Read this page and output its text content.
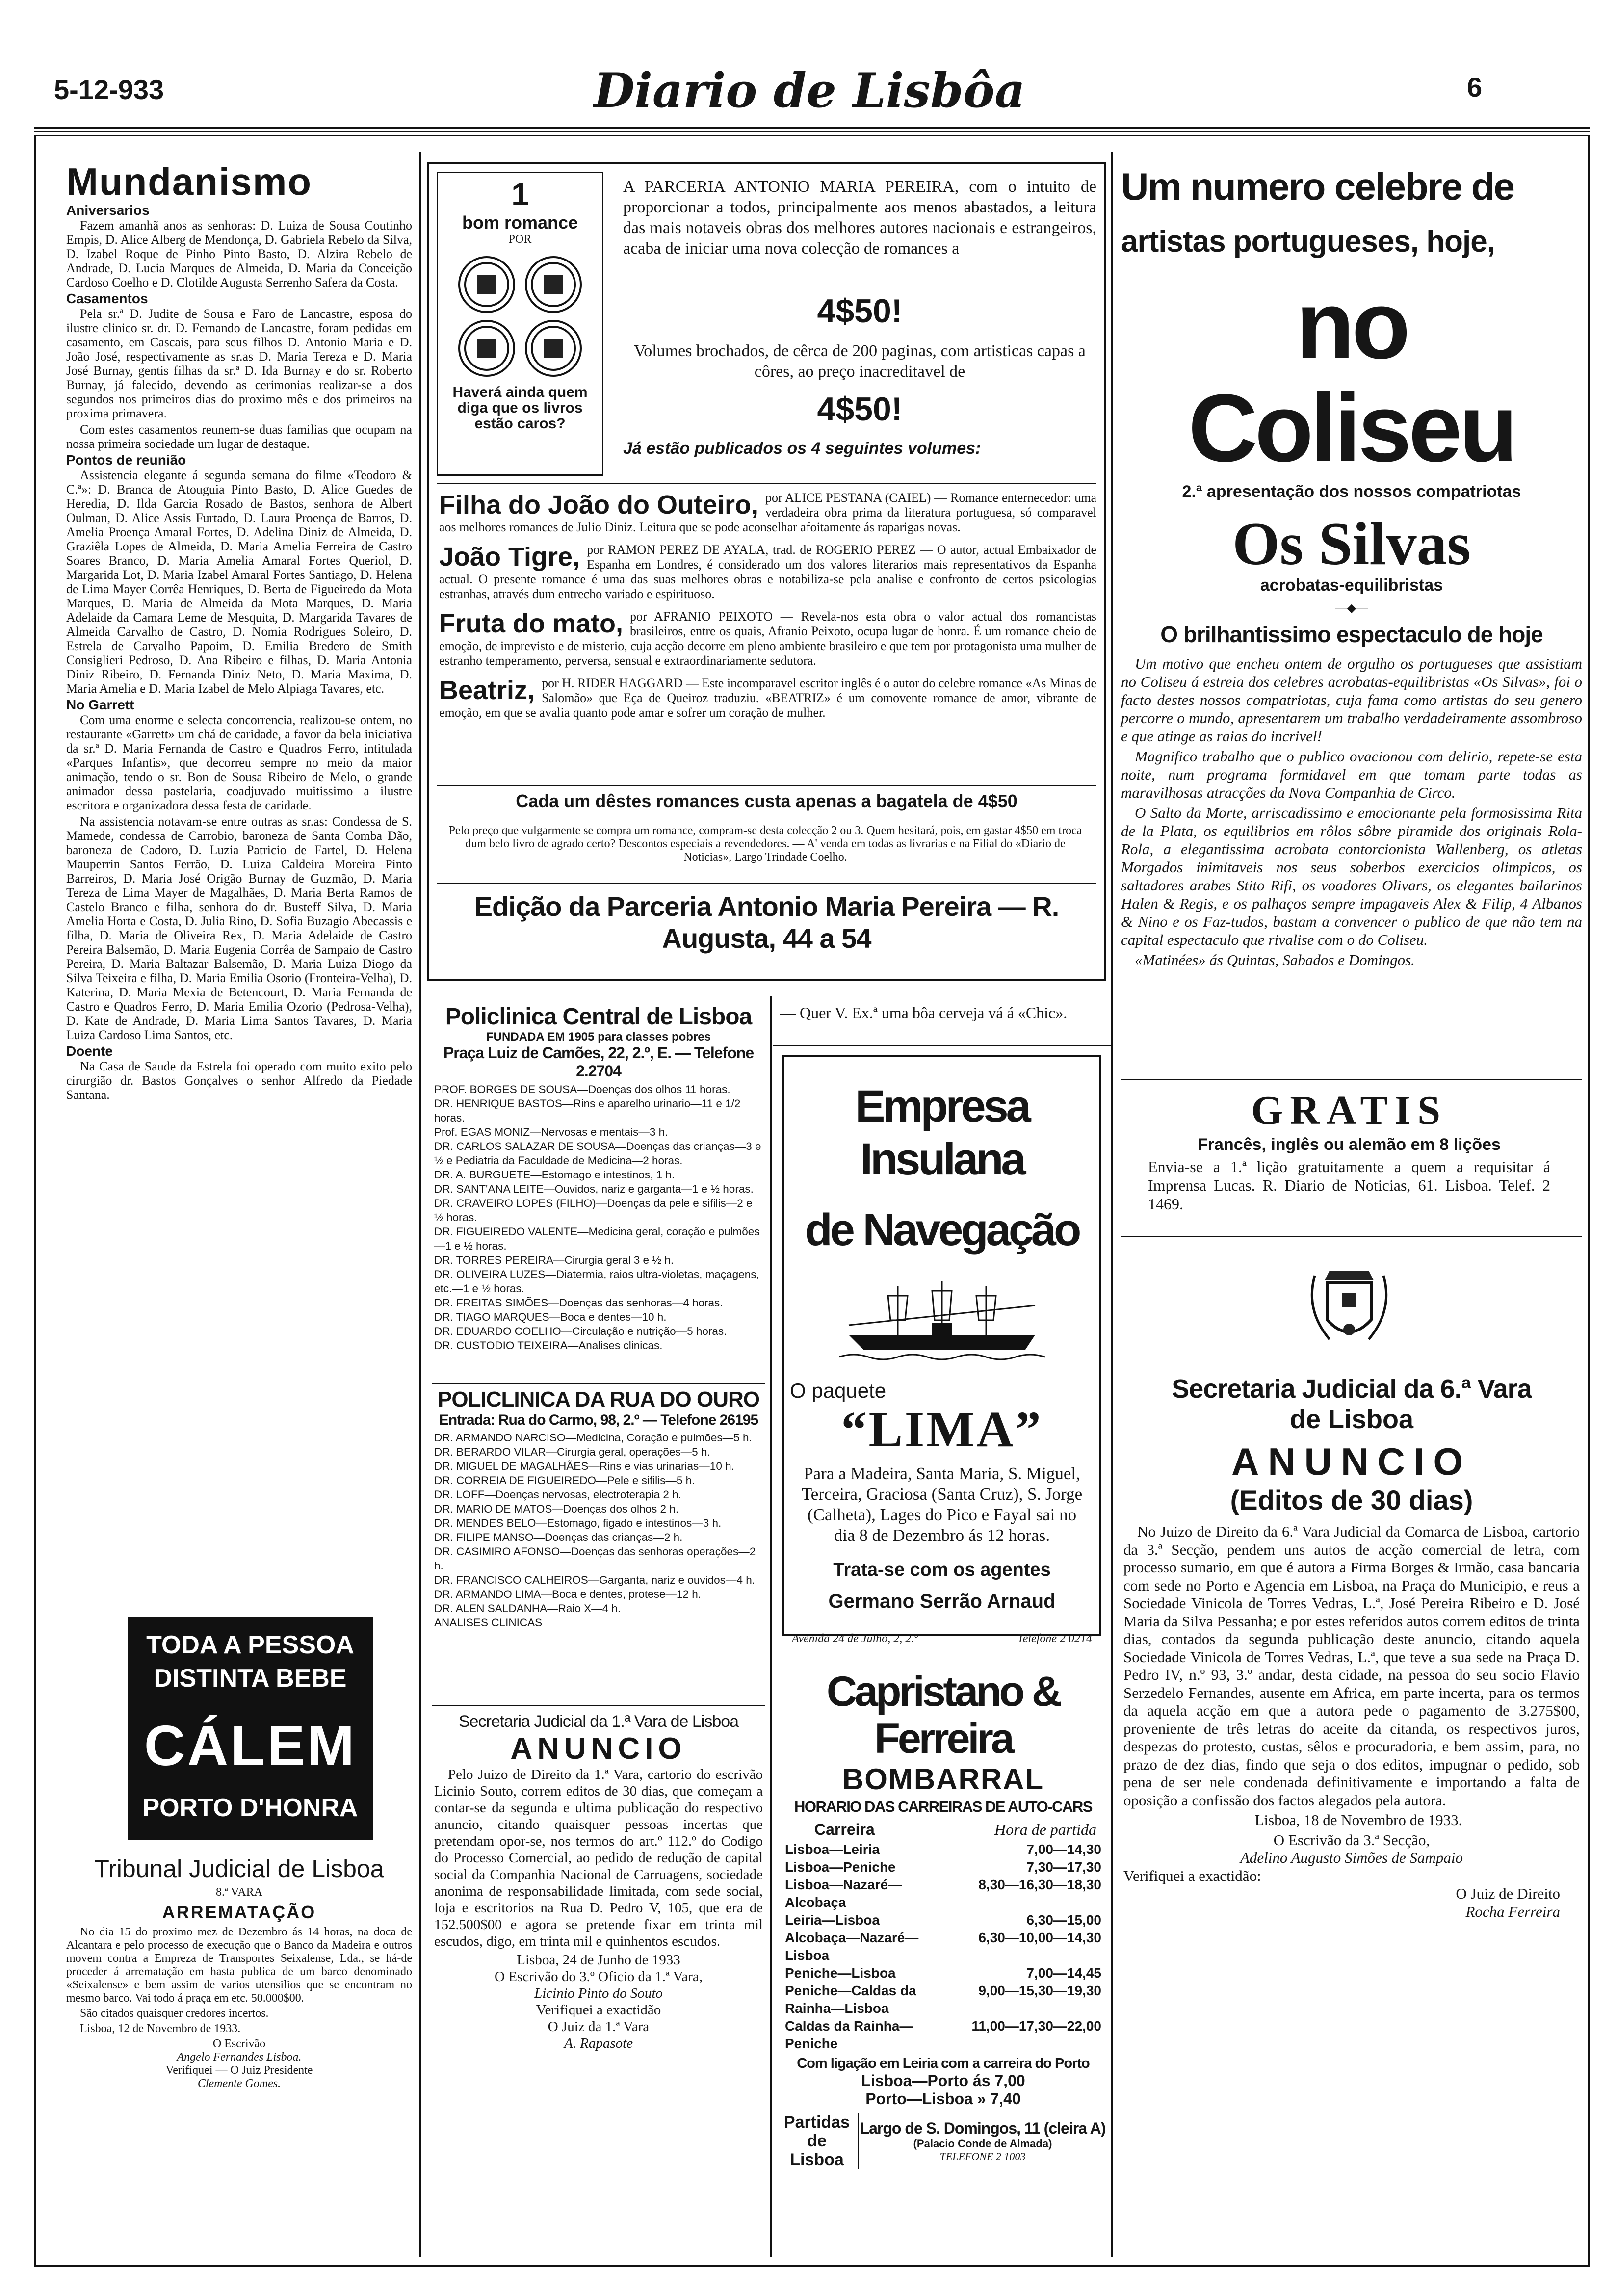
5-12-933	Diario de Lisbôa	6
Mundanismo
Aniversarios

Fazem amanhã anos as senhoras: D. Luiza de Sousa Coutinho Empis, D. Alice Alberg de Mendonça, D. Gabriela Rebelo da Silva, D. Izabel Roque de Pinho Pinto Basto, D. Alzira Rebelo de Andrade, D. Lucia Marques de Almeida, D. Maria da Conceição Cardoso Coelho e D. Clotilde Augusta Serrenho Safera da Costa.

Casamentos

Pela sr.ª D. Judite de Sousa e Faro de Lancastre, esposa do ilustre clinico sr. dr. D. Fernando de Lancastre, foram pedidas em casamento, em Cascais, para seus filhos D. Antonio Maria e D. João José, respectivamente as sr.as D. Maria Tereza e D. Maria José Burnay, gentis filhas da sr.ª D. Ida Burnay e do sr. Roberto Burnay, já falecido, devendo as cerimonias realizar-se a dos segundos nos primeiros dias do proximo mês e dos primeiros na proxima primavera.

Com estes casamentos reunem-se duas familias que ocupam na nossa primeira sociedade um lugar de destaque.

Pontos de reunião

Assistencia elegante á segunda semana do filme «Teodoro & C.ª»: D. Branca de Atouguia Pinto Basto, D. Alice Guedes de Heredia, D. Ilda Garcia Rosado de Bastos, senhora de Albert Oulman, D. Alice Assis Furtado, D. Laura Proença de Barros, D. Amelia Proença Amaral Fortes, D. Adelina Diniz de Almeida, D. Graziêla Lopes de Almeida, D. Maria Amelia Ferreira de Castro Soares Branco, D. Maria Amelia Amaral Fortes Queriol, D. Margarida Lot, D. Maria Izabel Amaral Fortes Santiago, D. Helena de Lima Mayer Corrêa Henriques, D. Berta de Figueiredo da Mota Marques, D. Maria de Almeida da Mota Marques, D. Maria Adelaide da Camara Leme de Mesquita, D. Margarida Tavares de Almeida Carvalho de Castro, D. Nomia Rodrigues Soleiro, D. Estrela de Carvalho Papoim, D. Emilia Bredero de Smith Consiglieri Pedroso, D. Ana Ribeiro e filhas, D. Maria Antonia Diniz Ribeiro, D. Fernanda Diniz Neto, D. Maria Maxima, D. Maria Amelia e D. Maria Izabel de Melo Alpiaga Tavares, etc.

No Garrett

Com uma enorme e selecta concorrencia, realizou-se ontem, no restaurante «Garrett» um chá de caridade, a favor da bela iniciativa da sr.ª D. Maria Fernanda de Castro e Quadros Ferro, intitulada «Parques Infantis», que decorreu sempre no meio da maior animação, tendo o sr. Bon de Sousa Ribeiro de Melo, o grande animador dessa pastelaria, coadjuvado muitissimo a ilustre escritora e organizadora dessa festa de caridade.

Na assistencia notavam-se entre outras as sr.as: Condessa de S. Mamede, condessa de Carrobio, baroneza de Santa Comba Dão, baroneza de Cadoro, D. Luzia Patricio de Fartel, D. Helena Mauperrin Santos Ferrão, D. Luiza Caldeira Moreira Pinto Barreiros, D. Maria José Origão Burnay de Guzmão, D. Maria Tereza de Lima Mayer de Magalhães, D. Maria Berta Ramos de Castelo Branco e filha, senhora do dr. Busteff Silva, D. Maria Amelia Horta e Costa, D. Julia Rino, D. Sofia Buzagio Abecassis e filha, D. Maria de Oliveira Rex, D. Maria Adelaide de Castro Pereira Balsemão, D. Maria Eugenia Corrêa de Sampaio de Castro Pereira, D. Maria Baltazar Balsemão, D. Maria Luiza Diogo da Silva Teixeira e filha, D. Maria Emilia Osorio (Fronteira-Velha), D. Katerina, D. Maria Mexia de Betencourt, D. Maria Fernanda de Castro e Quadros Ferro, D. Maria Emilia Ozorio (Pedrosa-Velha), D. Kate de Andrade, D. Maria Lima Santos Tavares, D. Maria Luiza Cardoso Lima Santos, etc.

Doente

Na Casa de Saude da Estrela foi operado com muito exito pelo cirurgião dr. Bastos Gonçalves o senhor Alfredo da Piedade Santana.

TODA A PESSOA
DISTINTA BEBE
CÁLEM
PORTO D'HONRA
Tribunal Judicial de Lisboa
8.ª VARA
ARREMATAÇÃO

No dia 15 do proximo mez de Dezembro ás 14 horas, na doca de Alcantara e pelo processo de execução que o Banco da Madeira e outros movem contra a Empreza de Transportes Seixalense, Lda., se há-de proceder á arrematação em hasta publica de um barco denominado «Seixalense» e bem assim de varios utensilios que se encontram no mesmo barco. Vai todo á praça em etc. 50.000$00.

São citados quaisquer credores incertos.

Lisboa, 12 de Novembro de 1933.

O Escrivão
Angelo Fernandes Lisboa.
Verifiquei — O Juiz Presidente
Clemente Gomes.
1
bom romance
POR
Haverá ainda quem diga que os livros estão caros?
A PARCERIA ANTONIO MARIA PEREIRA, com o intuito de proporcionar a todos, principalmente aos menos abastados, a leitura das mais notaveis obras dos melhores autores nacionais e estrangeiros, acaba de iniciar uma nova colecção de romances a
4$50!
Volumes brochados, de cêrca de 200 paginas, com artisticas capas a côres, ao preço inacreditavel de
4$50!
Já estão publicados os 4 seguintes volumes:
Filha do João do Outeiro, por ALICE PESTANA (CAIEL) — Romance enternecedor: uma verdadeira obra prima da literatura portuguesa, só comparavel aos melhores romances de Julio Diniz. Leitura que se pode aconselhar afoitamente ás raparigas novas.
João Tigre, por RAMON PEREZ DE AYALA, trad. de ROGERIO PEREZ — O autor, actual Embaixador de Espanha em Londres, é considerado um dos valores literarios mais representativos da Espanha actual. O presente romance é uma das suas melhores obras e notabiliza-se pela analise e confronto de certos psicologias estranhas, através dum entrecho variado e espirituoso.
Fruta do mato, por AFRANIO PEIXOTO — Revela-nos esta obra o valor actual dos romancistas brasileiros, entre os quais, Afranio Peixoto, ocupa lugar de honra. É um romance cheio de emoção, de imprevisto e de misterio, cuja acção decorre em pleno ambiente brasileiro e que tem por protagonista uma mulher de estranho temperamento, perversa, sensual e extraordinariamente sedutora.
Beatriz, por H. RIDER HAGGARD — Este incomparavel escritor inglês é o autor do celebre romance «As Minas de Salomão» que Eça de Queiroz traduziu. «BEATRIZ» é um comovente romance de amor, vibrante de emoção, em que se avalia quanto pode amar e sofrer um coração de mulher.
Cada um dêstes romances custa apenas a bagatela de 4$50
Pelo preço que vulgarmente se compra um romance, compram-se desta colecção 2 ou 3. Quem hesitará, pois, em gastar 4$50 em troca dum belo livro de agrado certo? Descontos especiais a revendedores. — A' venda em todas as livrarias e na Filial do «Diario de Noticias», Largo Trindade Coelho.
Edição da Parceria Antonio Maria Pereira — R. Augusta, 44 a 54
Um numero celebre de
artistas portugueses, hoje,
no Coliseu
2.ª apresentação dos nossos compatriotas
Os Silvas
acrobatas-equilibristas
—◆—
O brilhantissimo espectaculo de hoje

Um motivo que encheu ontem de orgulho os portugueses que assistiam no Coliseu á estreia dos celebres acrobatas-equilibristas «Os Silvas», foi o facto destes nossos compatriotas, cuja fama como artistas do seu genero percorre o mundo, apresentarem um trabalho verdadeiramente assombroso e que atinge as raias do incrivel!

Magnifico trabalho que o publico ovacionou com delirio, repete-se esta noite, num programa formidavel em que tomam parte todas as maravilhosas atracções da Nova Companhia de Circo.

O Salto da Morte, arriscadissimo e emocionante pela formosissima Rita de la Plata, os equilibrios em rôlos sôbre piramide dos originais Rola-Rola, a elegantissima acrobata contorcionista Wallenberg, os atletas Morgados inimitaveis nos seus soberbos exercicios olimpicos, os saltadores arabes Stito Rifi, os voadores Olivars, os elegantes bailarinos Halen & Regis, e os palhaços sempre impagaveis Alex & Filip, 4 Albanos & Nino e os Faz-tudos, bastam a convencer o publico de que não tem na capital espectaculo que rivalise com o do Coliseu.

«Matinées» ás Quintas, Sabados e Domingos.

GRATIS
Francês, inglês ou alemão em 8 lições
Envia-se a 1.ª lição gratuitamente a quem a requisitar á Imprensa Lucas. R. Diario de Noticias, 61. Lisboa. Telef. 2 1469.
Secretaria Judicial da 6.ª Vara
de Lisboa
ANUNCIO
(Editos de 30 dias)

No Juizo de Direito da 6.ª Vara Judicial da Comarca de Lisboa, cartorio da 3.ª Secção, pendem uns autos de acção comercial de letra, com processo sumario, em que é autora a Firma Borges & Irmão, casa bancaria com sede no Porto e Agencia em Lisboa, na Praça do Municipio, e reus a Sociedade Vinicola de Torres Vedras, L.ª, José Pereira Ribeiro e D. José Maria da Silva Pessanha; e por estes referidos autos correm editos de trinta dias, contados da segunda publicação deste anuncio, citando aquela Sociedade Vinicola de Torres Vedras, L.ª, que teve a sua sede na Praça D. Pedro IV, n.º 93, 3.º andar, desta cidade, na pessoa do seu socio Flavio Serzedelo Fernandes, ausente em Africa, em parte incerta, para os termos da aquela acção em que a autora pede o pagamento de 3.275$00, proveniente de três letras do aceite da citanda, os respectivos juros, despezas do protesto, custas, sêlos e procuradoria, e bem assim, para, no prazo de dez dias, findo que seja o dos editos, impugnar o pedido, sob pena de ser nele condenada definitivamente e importando a falta de oposição a confissão dos factos alegados pela autora.

Lisboa, 18 de Novembro de 1933.

O Escrivão da 3.ª Secção,
Adelino Augusto Simões de Sampaio
Verifiquei a exactidão:
O Juiz de Direito
Rocha Ferreira
Policlinica Central de Lisboa
FUNDADA EM 1905 para classes pobres
Praça Luiz de Camões, 22, 2.º, E. — Telefone 2.2704

PROF. BORGES DE SOUSA—Doenças dos olhos 11 horas.

DR. HENRIQUE BASTOS—Rins e aparelho urinario—11 e 1/2 horas.

Prof. EGAS MONIZ—Nervosas e mentais—3 h.

DR. CARLOS SALAZAR DE SOUSA—Doenças das crianças—3 e ½ e Pediatria da Faculdade de Medicina—2 horas.

DR. A. BURGUETE—Estomago e intestinos, 1 h.

DR. SANT'ANA LEITE—Ouvidos, nariz e garganta—1 e ½ horas.

DR. CRAVEIRO LOPES (FILHO)—Doenças da pele e sifilis—2 e ½ horas.

DR. FIGUEIREDO VALENTE—Medicina geral, coração e pulmões—1 e ½ horas.

DR. TORRES PEREIRA—Cirurgia geral 3 e ½ h.

DR. OLIVEIRA LUZES—Diatermia, raios ultra-violetas, maçagens, etc.—1 e ½ horas.

DR. FREITAS SIMÕES—Doenças das senhoras—4 horas.

DR. TIAGO MARQUES—Boca e dentes—10 h.

DR. EDUARDO COELHO—Circulação e nutrição—5 horas.

DR. CUSTODIO TEIXEIRA—Analises clinicas.

POLICLINICA DA RUA DO OURO
Entrada: Rua do Carmo, 98, 2.º — Telefone 26195

DR. ARMANDO NARCISO—Medicina, Coração e pulmões—5 h.

DR. BERARDO VILAR—Cirurgia geral, operações—5 h.

DR. MIGUEL DE MAGALHÃES—Rins e vias urinarias—10 h.

DR. CORREIA DE FIGUEIREDO—Pele e sifilis—5 h.

DR. LOFF—Doenças nervosas, electroterapia 2 h.

DR. MARIO DE MATOS—Doenças dos olhos 2 h.

DR. MENDES BELO—Estomago, figado e intestinos—3 h.

DR. FILIPE MANSO—Doenças das crianças—2 h.

DR. CASIMIRO AFONSO—Doenças das senhoras operações—2 h.

DR. FRANCISCO CALHEIROS—Garganta, nariz e ouvidos—4 h.

DR. ARMANDO LIMA—Boca e dentes, protese—12 h.

DR. ALEN SALDANHA—Raio X—4 h.

ANALISES CLINICAS

Secretaria Judicial da 1.ª Vara de Lisboa
ANUNCIO

Pelo Juizo de Direito da 1.ª Vara, cartorio do escrivão Licinio Souto, correm editos de 30 dias, que começam a contar-se da segunda e ultima publicação do respectivo anuncio, citando quaisquer pessoas incertas que pretendam opor-se, nos termos do art.º 112.º do Codigo do Processo Comercial, ao pedido de redução de capital social da Companhia Nacional de Carruagens, sociedade anonima de responsabilidade limitada, com sede social, loja e escritorios na Rua D. Pedro V, 105, que era de 152.500$00 e agora se pretende fixar em trinta mil escudos, digo, em trinta mil e quinhentos escudos.

Lisboa, 24 de Junho de 1933
O Escrivão do 3.º Oficio da 1.ª Vara,
Licinio Pinto do Souto
Verifiquei a exactidão
O Juiz da 1.ª Vara
A. Rapasote
— Quer V. Ex.ª uma bôa cerveja vá á «Chic».
Empresa Insulana
de Navegação
O paquete
“LIMA”
Para a Madeira, Santa Maria, S. Miguel, Terceira, Graciosa (Santa Cruz), S. Jorge (Calheta), Lages do Pico e Fayal sai no dia 8 de Dezembro ás 12 horas.
Trata-se com os agentes
Germano Serrão Arnaud
Avenida 24 de Julho, 2, 2.º	Telefone 2 0214
Capristano & Ferreira
BOMBARRAL
HORARIO DAS CARREIRAS DE AUTO-CARS
Carreira	Hora de partida
Lisboa—Leiria	7,00—14,30
Lisboa—Peniche	7,30—17,30
Lisboa—Nazaré—Alcobaça
8,30—16,30—18,30
Leiria—Lisboa	6,30—15,00
Alcobaça—Nazaré—Lisboa
6,30—10,00—14,30
Peniche—Lisboa	7,00—14,45
Peniche—Caldas da Rainha—Lisboa
9,00—15,30—19,30
Caldas da Rainha—Peniche
11,00—17,30—22,00
Com ligação em Leiria com a carreira do Porto
Lisboa—Porto ás 7,00
Porto—Lisboa » 7,40
Partidas de Lisboa
Largo de S. Domingos, 11 (cleira A)
(Palacio Conde de Almada)
TELEFONE 2 1003
